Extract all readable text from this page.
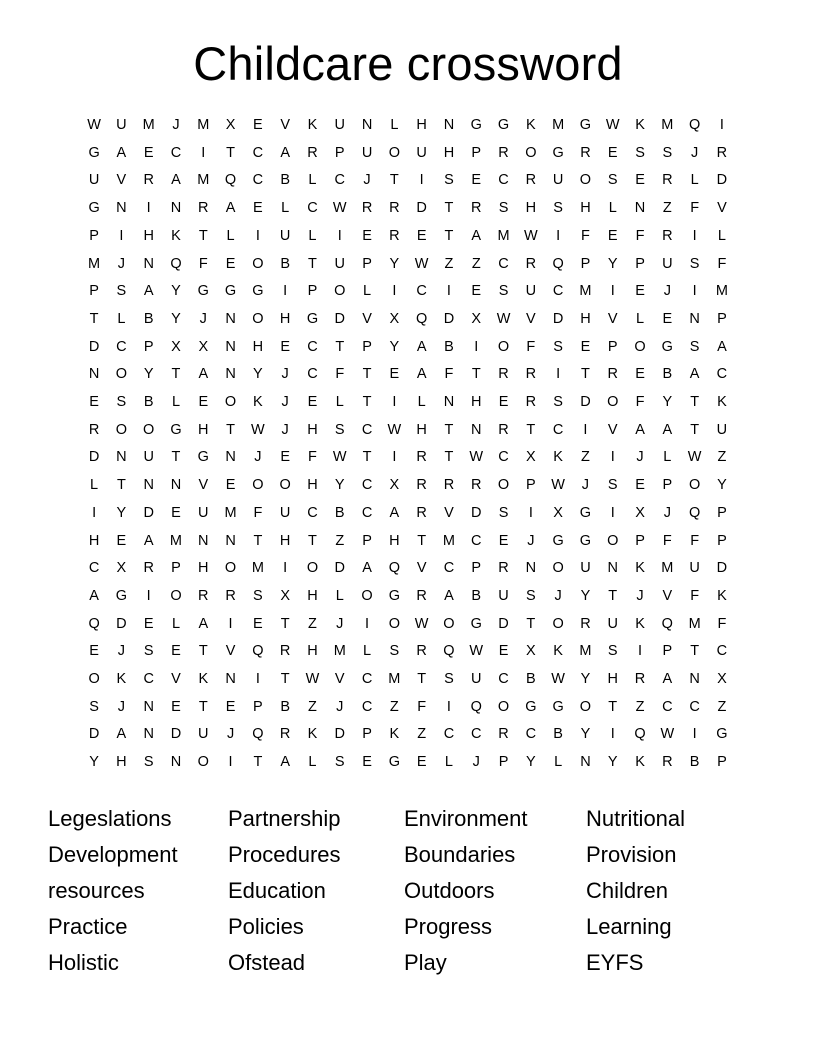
Childcare crossword
W	U	M	J	M	X	E	V	K	U	N	L	H	N	G	G	K	M	G	W	K	M	Q	I
G	A	E	C	I	T	C	A	R	P	U	O	U	H	P	R	O	G	R	E	S	S	J	R
U	V	R	A	M	Q	C	B	L	C	J	T	I	S	E	C	R	U	O	S	E	R	L	D
G	N	I	N	R	A	E	L	C	W	R	R	D	T	R	S	H	S	H	L	N	Z	F	V
P	I	H	K	T	L	I	U	L	I	E	R	E	T	A	M	W	I	F	E	F	R	I	L
M	J	N	Q	F	E	O	B	T	U	P	Y	W	Z	Z	C	R	Q	P	Y	P	U	S	F
P	S	A	Y	G	G	G	I	P	O	L	I	C	I	E	S	U	C	M	I	E	J	I	M
T	L	B	Y	J	N	O	H	G	D	V	X	Q	D	X	W	V	D	H	V	L	E	N	P
D	C	P	X	X	N	H	E	C	T	P	Y	A	B	I	O	F	S	E	P	O	G	S	A
N	O	Y	T	A	N	Y	J	C	F	T	E	A	F	T	R	R	I	T	R	E	B	A	C
E	S	B	L	E	O	K	J	E	L	T	I	L	N	H	E	R	S	D	O	F	Y	T	K
R	O	O	G	H	T	W	J	H	S	C	W	H	T	N	R	T	C	I	V	A	A	T	U
D	N	U	T	G	N	J	E	F	W	T	I	R	T	W	C	X	K	Z	I	J	L	W	Z
L	T	N	N	V	E	O	O	H	Y	C	X	R	R	R	O	P	W	J	S	E	P	O	Y
I	Y	D	E	U	M	F	U	C	B	C	A	R	V	D	S	I	X	G	I	X	J	Q	P
H	E	A	M	N	N	T	H	T	Z	P	H	T	M	C	E	J	G	G	O	P	F	F	P
C	X	R	P	H	O	M	I	O	D	A	Q	V	C	P	R	N	O	U	N	K	M	U	D
A	G	I	O	R	R	S	X	H	L	O	G	R	A	B	U	S	J	Y	T	J	V	F	K
Q	D	E	L	A	I	E	T	Z	J	I	O	W	O	G	D	T	O	R	U	K	Q	M	F
E	J	S	E	T	V	Q	R	H	M	L	S	R	Q	W	E	X	K	M	S	I	P	T	C
O	K	C	V	K	N	I	T	W	V	C	M	T	S	U	C	B	W	Y	H	R	A	N	X
S	J	N	E	T	E	P	B	Z	J	C	Z	F	I	Q	O	G	G	O	T	Z	C	C	Z
D	A	N	D	U	J	Q	R	K	D	P	K	Z	C	C	R	C	B	Y	I	Q	W	I	G
Y	H	S	N	O	I	T	A	L	S	E	G	E	L	J	P	Y	L	N	Y	K	R	B	P
Legeslations
Development
resources
Practice
Holistic
Partnership
Procedures
Education
Policies
Ofstead
Environment
Boundaries
Outdoors
Progress
Play
Nutritional
Provision
Children
Learning
EYFS
